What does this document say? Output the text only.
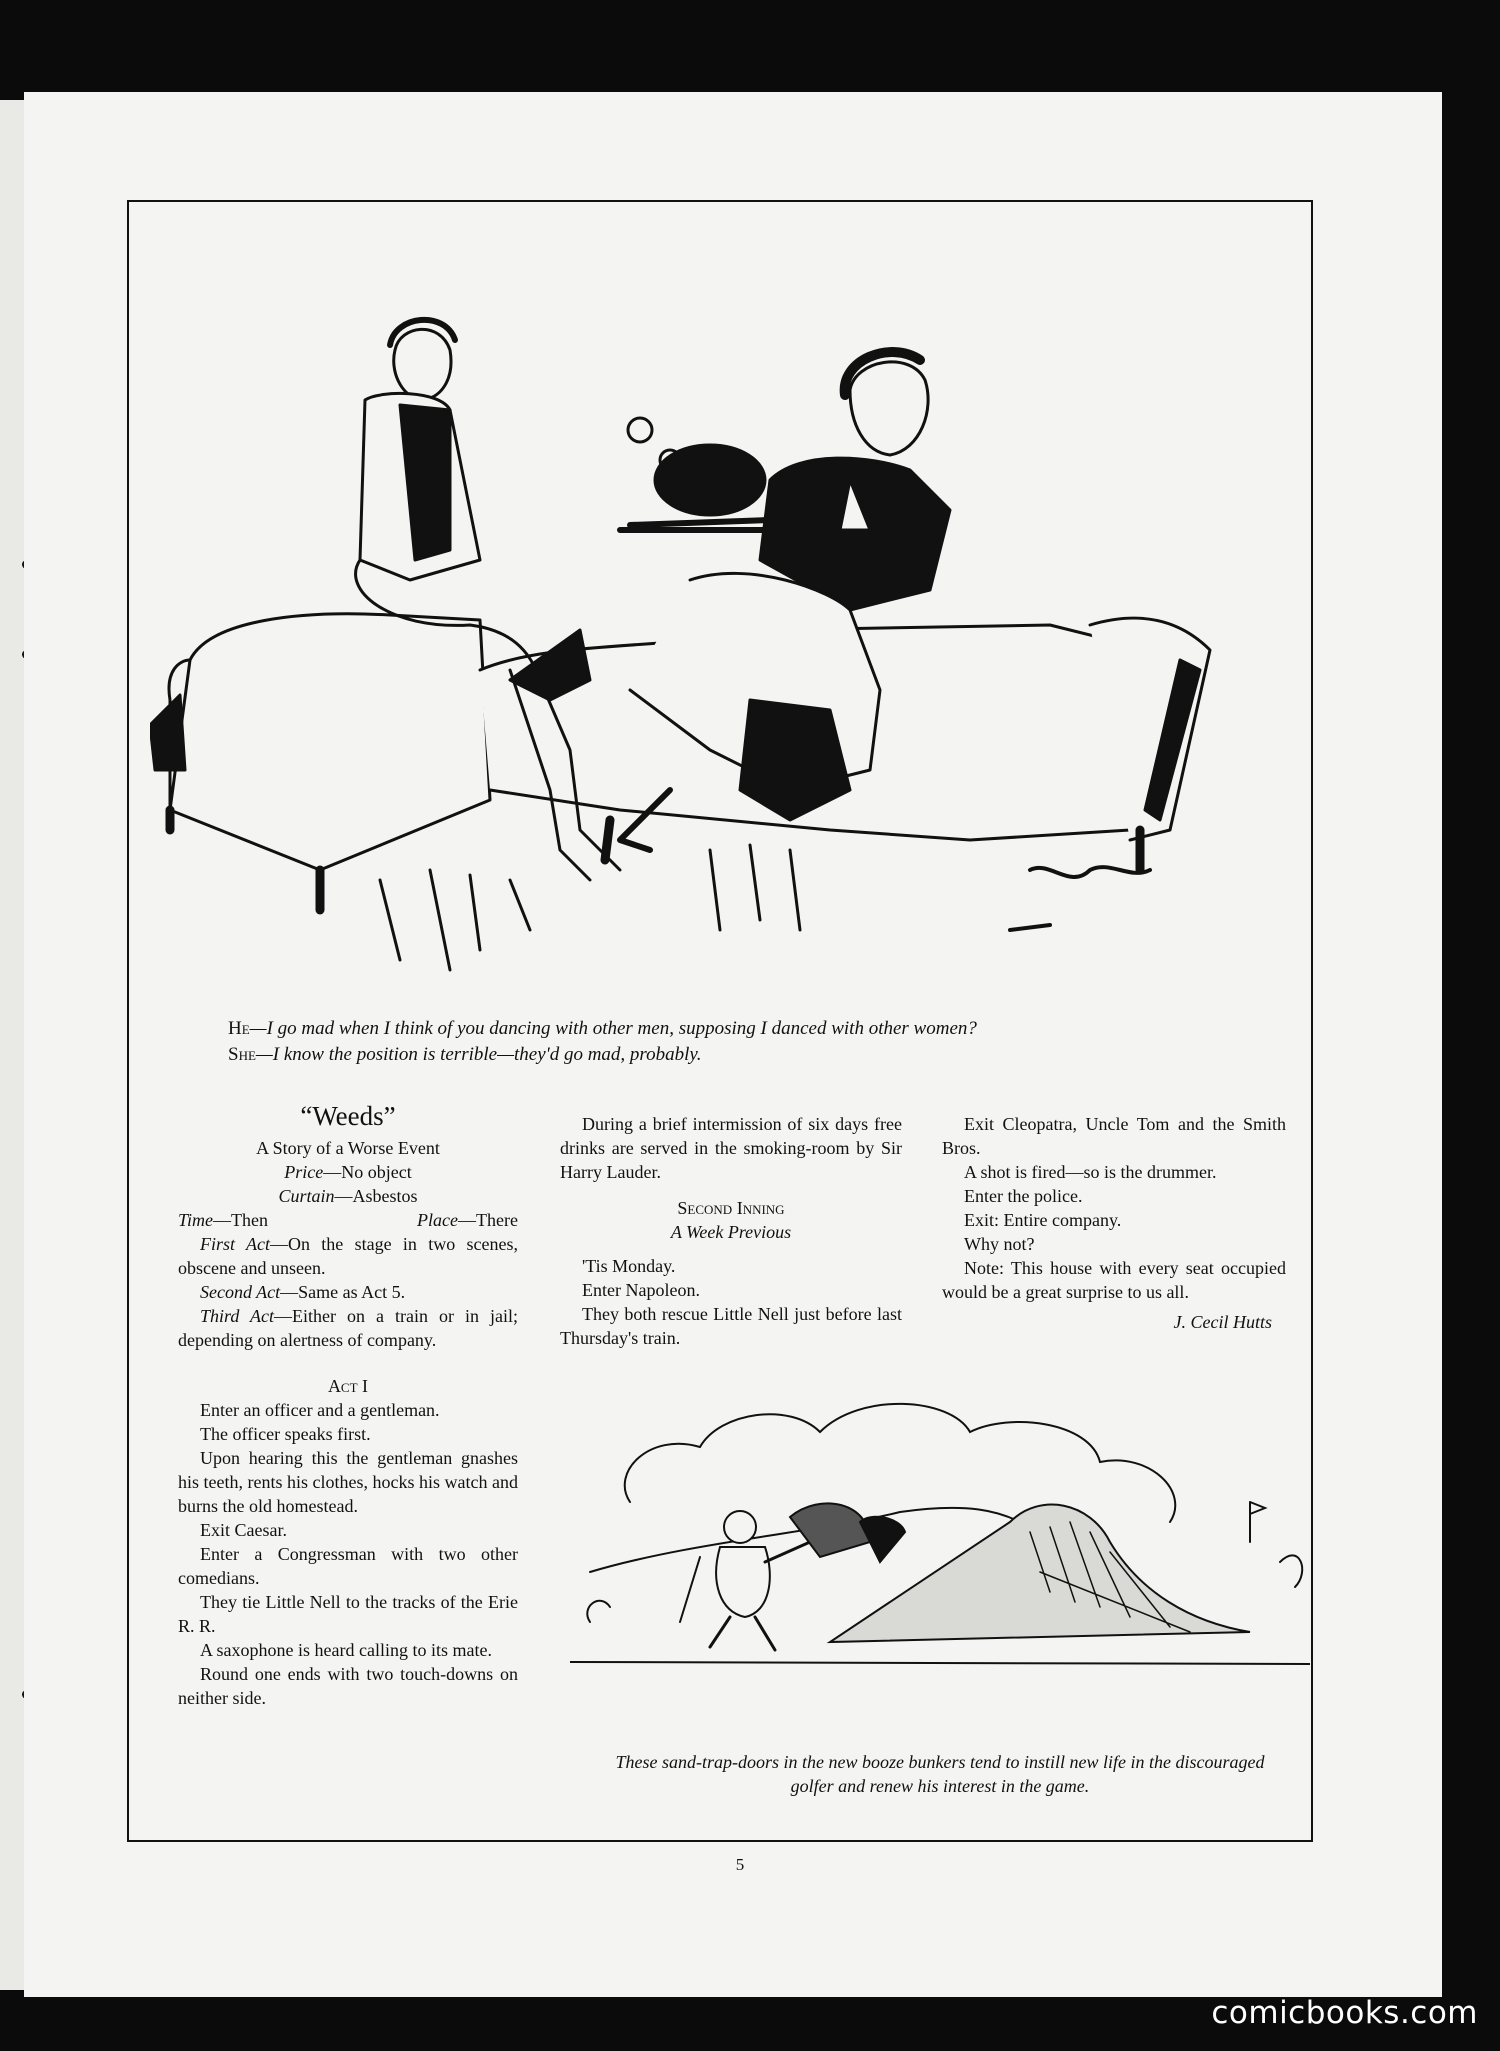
He—I go mad when I think of you dancing with other men, supposing I danced with other women?
She—I know the position is terrible—they'd go mad, probably.
“Weeds”

A Story of a Worse Event

Price—No object

Curtain—Asbestos

Time—Then	Place—There

First Act—On the stage in two scenes, obscene and unseen.

Second Act—Same as Act 5.

Third Act—Either on a train or in jail; depending on alertness of company.

Act I

Enter an officer and a gentleman.

The officer speaks first.

Upon hearing this the gentleman gnashes his teeth, rents his clothes, hocks his watch and burns the old homestead.

Exit Caesar.

Enter a Congressman with two other comedians.

They tie Little Nell to the tracks of the Erie R. R.

A saxophone is heard calling to its mate.

Round one ends with two touch-downs on neither side.

During a brief intermission of six days free drinks are served in the smoking-room by Sir Harry Lauder.

Second Inning

A Week Previous

'Tis Monday.

Enter Napoleon.

They both rescue Little Nell just before last Thursday's train.

Exit Cleopatra, Uncle Tom and the Smith Bros.

A shot is fired—so is the drummer.

Enter the police.

Exit: Entire company.

Why not?

Note: This house with every seat occupied would be a great surprise to us all.

J. Cecil Hutts

These sand-trap-doors in the new booze bunkers tend to instill new life in the discouraged golfer and renew his interest in the game.
5
comicbooks.com
